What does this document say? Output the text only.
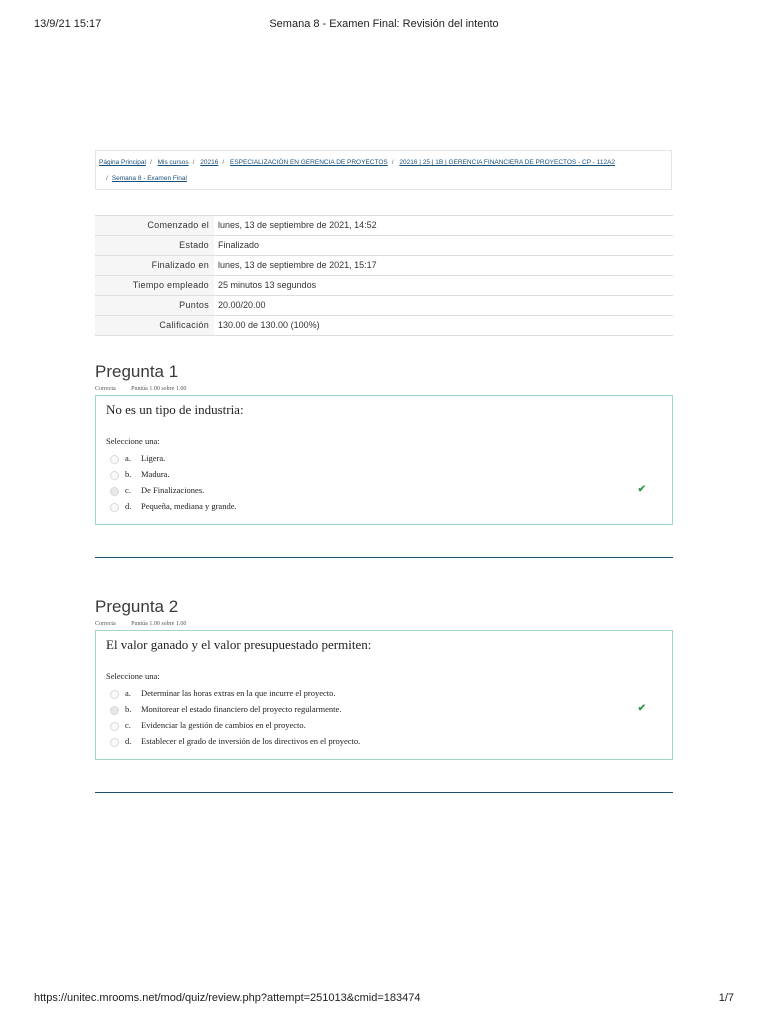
13/9/21 15:17	Semana 8 - Examen Final: Revisión del intento
Página Principal / Mis cursos / 20216 / ESPECIALIZACIÓN EN GERENCIA DE PROYECTOS / 20216 | 25 | 1B | GERENCIA FINANCIERA DE PROYECTOS - CP - 112A2
/ Semana 8 - Examen Final
Comenzado el	lunes, 13 de septiembre de 2021, 14:52
Estado	Finalizado
Finalizado en	lunes, 13 de septiembre de 2021, 15:17
Tiempo empleado	25 minutos 13 segundos
Puntos	20.00/20.00
Calificación	130.00 de 130.00 (100%)
Pregunta 1
Correcta	Puntúa 1.00 sobre 1.00
No es un tipo de industria:
Seleccione una:
a. Ligera.
b. Madura.
c. De Finalizaciones.	✔
d. Pequeña, mediana y grande.
Pregunta 2
Correcta	Puntúa 1.00 sobre 1.00
El valor ganado y el valor presupuestado permiten:
Seleccione una:
a. Determinar las horas extras en la que incurre el proyecto.
b. Monitorear el estado financiero del proyecto regularmente.	✔
c. Evidenciar la gestión de cambios en el proyecto.
d. Establecer el grado de inversión de los directivos en el proyecto.
https://unitec.mrooms.net/mod/quiz/review.php?attempt=251013&cmid=183474	1/7
